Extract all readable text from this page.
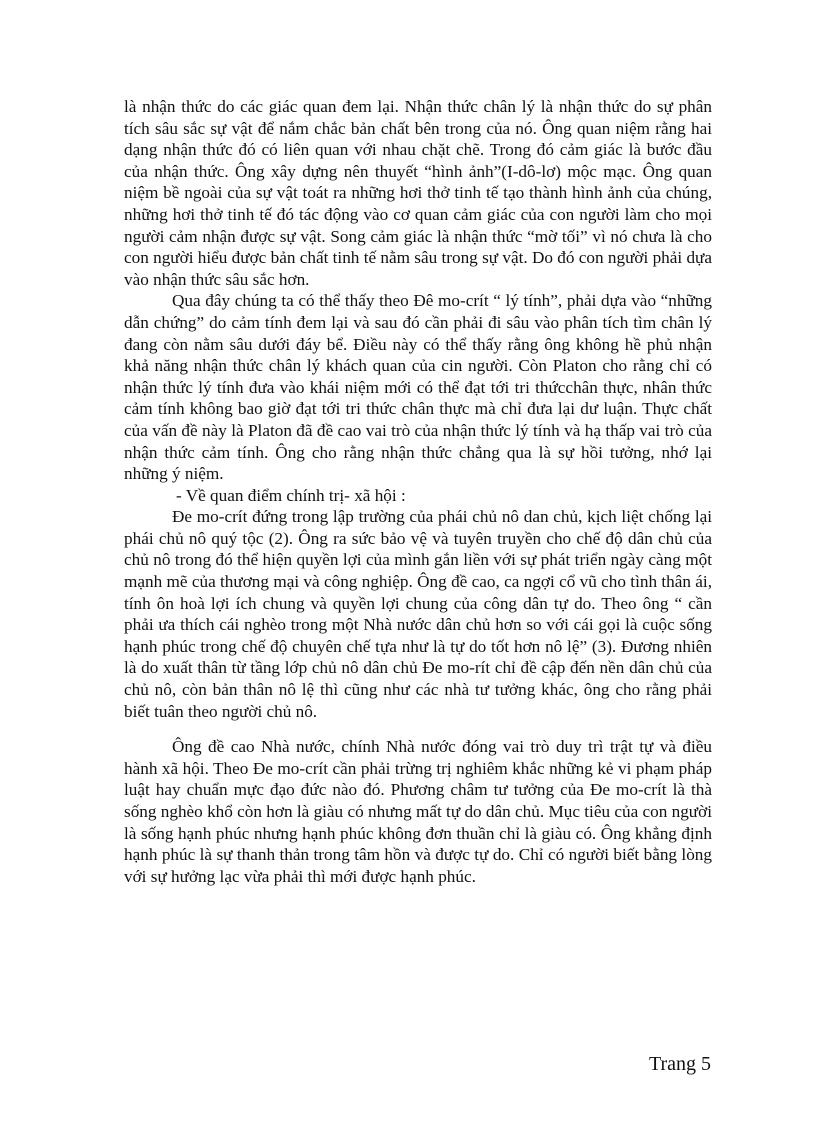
là nhận thức do các giác quan đem lại. Nhận thức chân lý là nhận thức do sự phân tích sâu sắc sự vật để nắm chắc bản chất bên trong của nó. Ông quan niệm rằng hai dạng nhận thức đó có liên quan với nhau chặt chẽ. Trong đó cảm giác là bước đầu của nhận thức. Ông xây dựng nên thuyết “hình ảnh”(I-dô-lơ) mộc mạc. Ông quan niệm bề ngoài của sự vật toát ra những hơi thở tinh tế tạo thành hình ảnh của chúng, những hơi thở tinh tế đó tác động vào cơ quan cảm giác của con người làm cho mọi người cảm nhận được sự vật. Song cảm giác là nhận thức “mờ tối” vì nó chưa là cho con người hiểu được bản chất tinh tế nằm sâu trong sự vật. Do đó con người phải dựa vào nhận thức sâu sắc hơn.

Qua đây chúng ta có thể thấy theo Đê mo-crít “ lý tính”, phải dựa vào “những dẫn chứng” do cảm tính đem lại và sau đó cần phải đi sâu vào phân tích tìm chân lý đang còn nằm sâu dưới đáy bể. Điều này có thể thấy rằng ông không hề phủ nhận khả năng nhận thức chân lý khách quan của cin người. Còn Platon cho rằng chỉ có nhận thức lý tính đưa vào khái niệm mới có thể đạt tới tri thứcchân thực, nhân thức cảm tính không bao giờ đạt tới tri thức chân thực mà chỉ đưa lại dư luận. Thực chất của vấn đề này là Platon đã đề cao vai trò của nhận thức lý tính và hạ thấp vai trò của nhận thức cảm tính. Ông cho rằng nhận thức chẳng qua là sự hồi tưởng, nhớ lại những ý niệm.

- Về quan điểm chính trị- xã hội :

Đe mo-crít đứng trong lập trường của phái chủ nô dan chủ, kịch liệt chống lại phái chủ nô quý tộc (2). Ông ra sức bảo vệ và tuyên truyền cho chế độ dân chủ của chủ nô trong đó thể hiện quyền lợi của mình gắn liền với sự phát triển ngày càng một mạnh mẽ của thương mại và công nghiệp. Ông đề cao, ca ngợi cổ vũ cho tình thân ái, tính ôn hoà lợi ích chung và quyền lợi chung của công dân tự do. Theo ông “ cần phải ưa thích cái nghèo trong một Nhà nước dân chủ hơn so với cái gọi là cuộc sống hạnh phúc trong chế độ chuyên chế tựa như là tự do tốt hơn nô lệ” (3). Đương nhiên là do xuất thân từ tầng lớp chủ nô dân chủ Đe mo-rít chỉ đề cập đến nền dân chủ của chủ nô, còn bản thân nô lệ thì cũng như các nhà tư tưởng khác, ông cho rằng phải biết tuân theo người chủ nô.

Ông đề cao Nhà nước, chính Nhà nước đóng vai trò duy trì trật tự và điều hành xã hội. Theo Đe mo-crít cần phải trừng trị nghiêm khắc những kẻ vi phạm pháp luật hay chuẩn mực đạo đức nào đó. Phương châm tư tưởng của Đe mo-crít là thà sống nghèo khổ còn hơn là giàu có nhưng mất tự do dân chủ. Mục tiêu của con người là sống hạnh phúc nhưng hạnh phúc không đơn thuần chỉ là giàu có. Ông khẳng định hạnh phúc là sự thanh thản trong tâm hồn và được tự do. Chỉ có người biết bằng lòng với sự hưởng lạc vừa phải thì mới được hạnh phúc.

Trang 5
